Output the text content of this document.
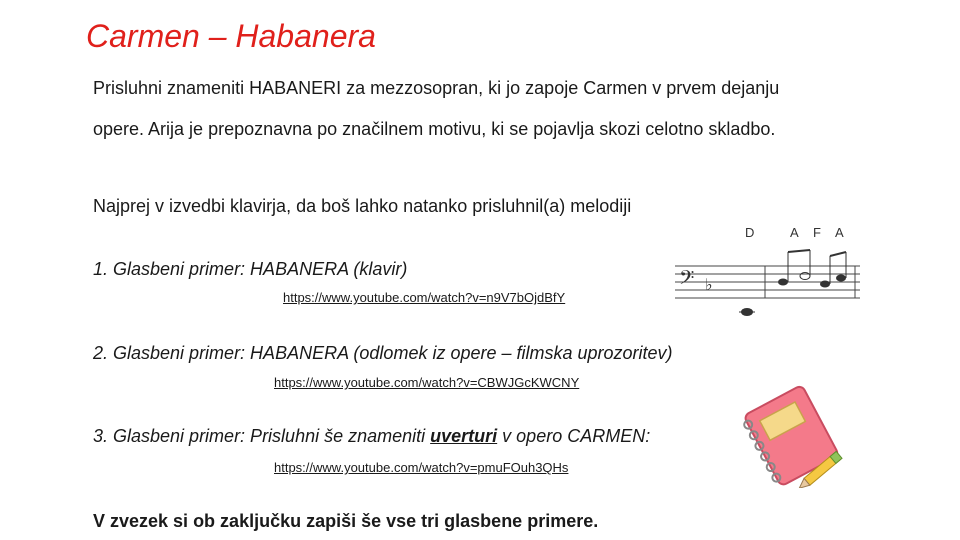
Carmen – Habanera

Prisluhni znameniti HABANERI za mezzosopran, ki jo zapoje Carmen v prvem dejanju opere. Arija je prepoznavna po značilnem motivu, ki se pojavlja skozi celotno skladbo.

Najprej v izvedbi klavirja, da boš lahko natanko prisluhnil(a) melodiji

1. Glasbeni primer: HABANERA (klavir)
https://www.youtube.com/watch?v=n9V7bOjdBfY
2. Glasbeni primer: HABANERA (odlomek iz opere – filmska uprozoritev)
https://www.youtube.com/watch?v=CBWJGcKWCNY
3. Glasbeni primer: Prisluhni še znameniti uverturi v opero CARMEN:
https://www.youtube.com/watch?v=pmuFOuh3QHs
V zvezek si ob zaključku zapiši še vse tri glasbene primere.
D	A F A
𝄢 ♭
